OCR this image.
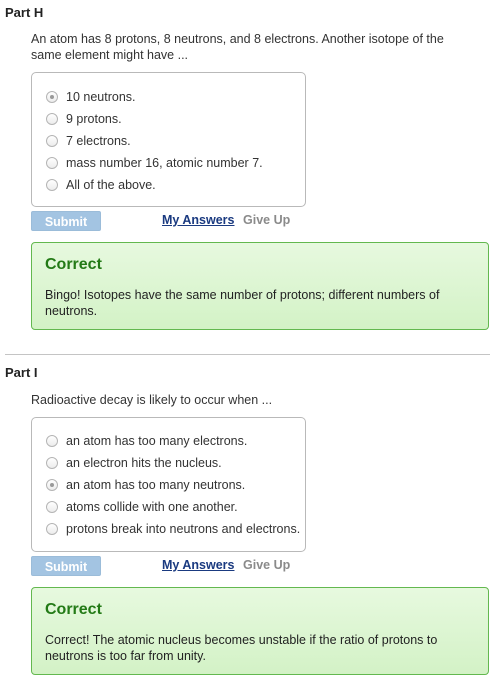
Part H
An atom has 8 protons, 8 neutrons, and 8 electrons. Another isotope of the same element might have ...
10 neutrons.
9 protons.
7 electrons.
mass number 16, atomic number 7.
All of the above.
Submit	My Answers Give Up
Correct
Bingo! Isotopes have the same number of protons; different numbers of neutrons.
Part I
Radioactive decay is likely to occur when ...
an atom has too many electrons.
an electron hits the nucleus.
an atom has too many neutrons.
atoms collide with one another.
protons break into neutrons and electrons.
Submit	My Answers Give Up
Correct
Correct! The atomic nucleus becomes unstable if the ratio of protons to neutrons is too far from unity.
